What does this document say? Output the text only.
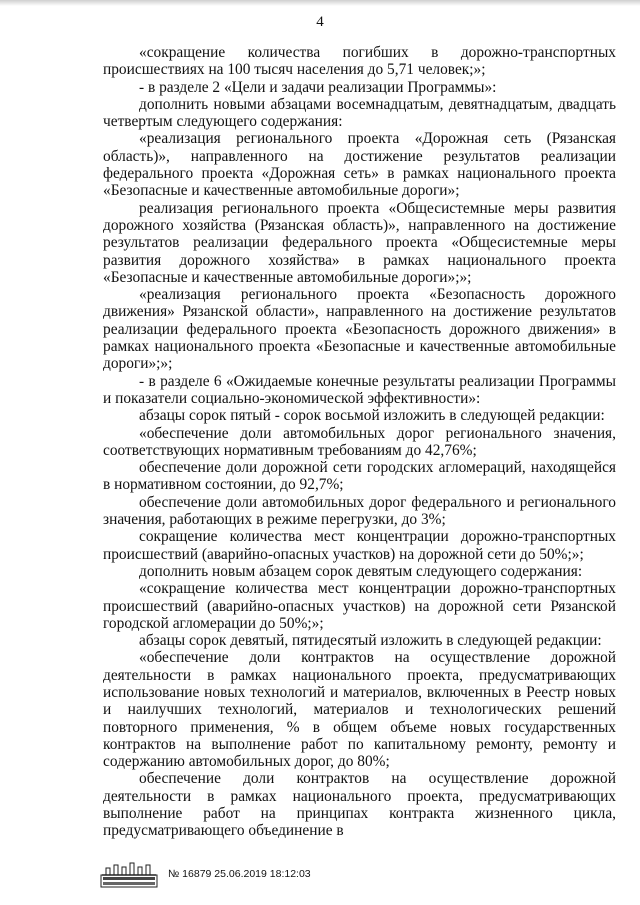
4

«сокращение количества погибших в дорожно-транспортных происшествиях на 100 тысяч населения до 5,71 человек;»;

- в разделе 2 «Цели и задачи реализации Программы»:

дополнить новыми абзацами восемнадцатым, девятнадцатым, двадцать четвертым следующего содержания:

«реализация регионального проекта «Дорожная сеть (Рязанская область)», направленного на достижение результатов реализации федерального проекта «Дорожная сеть» в рамках национального проекта «Безопасные и качественные автомобильные дороги»;

реализация регионального проекта «Общесистемные меры развития дорожного хозяйства (Рязанская область)», направленного на достижение результатов реализации федерального проекта «Общесистемные меры развития дорожного хозяйства» в рамках национального проекта «Безопасные и качественные автомобильные дороги»;»;

«реализация регионального проекта «Безопасность дорожного движения» Рязанской области», направленного на достижение результатов реализации федерального проекта «Безопасность дорожного движения» в рамках национального проекта «Безопасные и качественные автомобильные дороги»;»;

- в разделе 6 «Ожидаемые конечные результаты реализации Программы и показатели социально-экономической эффективности»:

абзацы сорок пятый - сорок восьмой изложить в следующей редакции:

«обеспечение доли автомобильных дорог регионального значения, соответствующих нормативным требованиям до 42,76%;

обеспечение доли дорожной сети городских агломераций, находящейся в нормативном состоянии, до 92,7%;

обеспечение доли автомобильных дорог федерального и регионального значения, работающих в режиме перегрузки, до 3%;

сокращение количества мест концентрации дорожно-транспортных происшествий (аварийно-опасных участков) на дорожной сети до 50%;»;

дополнить новым абзацем сорок девятым следующего содержания:

«сокращение количества мест концентрации дорожно-транспортных происшествий (аварийно-опасных участков) на дорожной сети Рязанской городской агломерации до 50%;»;

абзацы сорок девятый, пятидесятый изложить в следующей редакции:

«обеспечение доли контрактов на осуществление дорожной деятельности в рамках национального проекта, предусматривающих использование новых технологий и материалов, включенных в Реестр новых и наилучших технологий, материалов и технологических решений повторного применения, % в общем объеме новых государственных контрактов на выполнение работ по капитальному ремонту, ремонту и содержанию автомобильных дорог, до 80%;

обеспечение доли контрактов на осуществление дорожной деятельности в рамках национального проекта, предусматривающих выполнение работ на принципах контракта жизненного цикла, предусматривающего объединение в

№ 16879 25.06.2019 18:12:03
